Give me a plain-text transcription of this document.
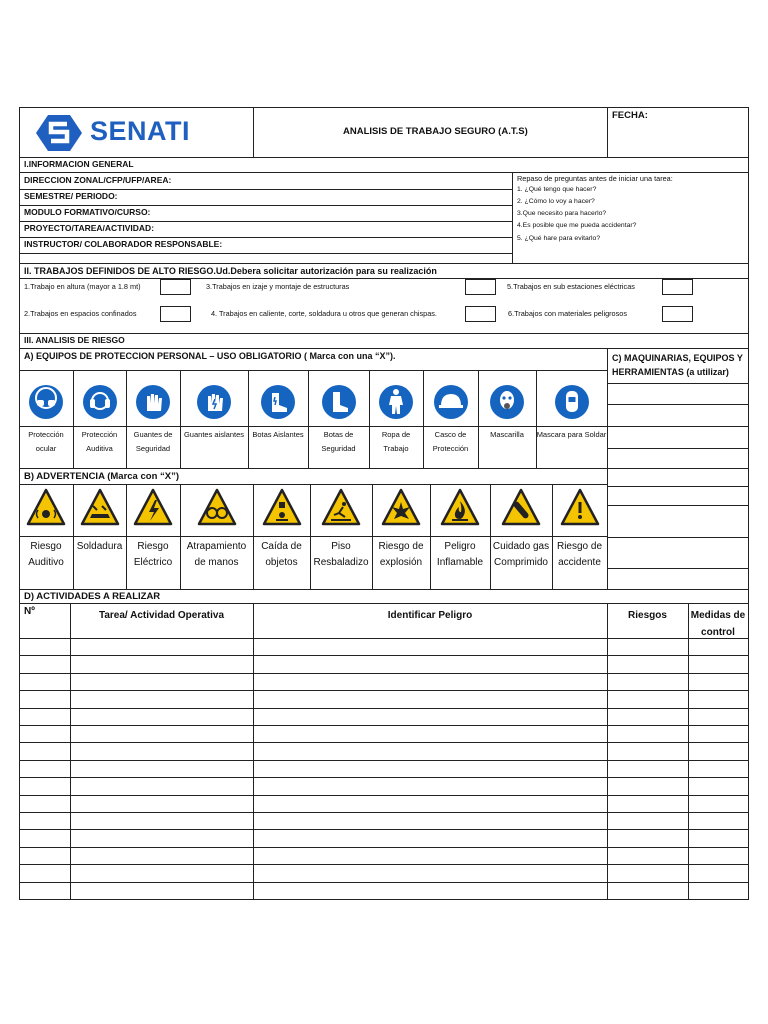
SENATI	ANALISIS DE TRABAJO SEGURO (A.T.S)
FECHA:
I.INFORMACION GENERAL
DIRECCION ZONAL/CFP/UFP/AREA:
SEMESTRE/ PERIODO:
MODULO FORMATIVO/CURSO:
PROYECTO/TAREA/ACTIVIDAD:
INSTRUCTOR/ COLABORADOR RESPONSABLE:
Repaso de preguntas antes de iniciar una tarea:
1. ¿Qué tengo que hacer?
2. ¿Cómo lo voy a hacer?
3.Que necesito para hacerlo?
4.Es posible que me pueda accidentar?
5. ¿Qué hare para evitarlo?
II. TRABAJOS DEFINIDOS DE ALTO RIESGO.Ud.Debera solicitar autorización para su realización
1.Trabajo en altura (mayor a 1.8 mt)	3.Trabajos en izaje y montaje de estructuras	5.Trabajos en sub estaciones eléctricas
2.Trabajos en espacios confinados	4. Trabajos en caliente, corte, soldadura u otros que generan chispas.	6.Trabajos con materiales peligrosos
III. ANALISIS DE RIESGO
A) EQUIPOS DE PROTECCION PERSONAL – USO OBLIGATORIO ( Marca con una “X”).	C) MAQUINARIAS, EQUIPOS Y HERRAMIENTAS (a utilizar)
Protección ocular
Protección Auditiva
Guantes de Seguridad
Guantes aislantes	Botas Aislantes	Botas de Seguridad
Ropa de Trabajo
Casco de Protección
Mascarilla	Mascara para Soldar
B) ADVERTENCIA (Marca con “X”)
Riesgo Auditivo
Soldadura	Riesgo Eléctrico
Atrapamiento de manos
Caída de objetos
Piso Resbaladizo
Riesgo de explosión
Peligro Inflamable
Cuidado gas Comprimido
Riesgo de accidente
D) ACTIVIDADES A REALIZAR
Nº	Tarea/ Actividad Operativa	Identificar Peligro	Riesgos	Medidas de control
